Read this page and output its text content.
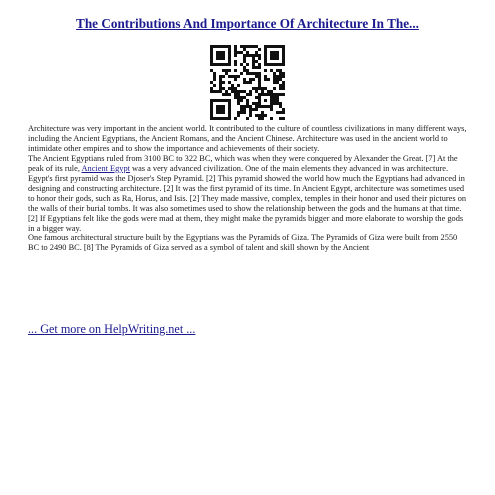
The Contributions And Importance Of Architecture In The...

Architecture was very important in the ancient world. It contributed to the culture of countless civilizations in many different ways, including the Ancient Egyptians, the Ancient Romans, and the Ancient Chinese. Architecture was used in the ancient world to intimidate other empires and to show the importance and achievements of their society.

The Ancient Egyptians ruled from 3100 BC to 322 BC, which was when they were conquered by Alexander the Great. [7] At the peak of its rule, Ancient Egypt was a very advanced civilization. One of the main elements they advanced in was architecture. Egypt's first pyramid was the Djoser's Step Pyramid. [2] This pyramid showed the world how much the Egyptians had advanced in designing and constructing architecture. [2] It was the first pyramid of its time. In Ancient Egypt, architecture was sometimes used to honor their gods, such as Ra, Horus, and Isis. [2] They made massive, complex, temples in their honor and used their pictures on the walls of their burial tombs. It was also sometimes used to show the relationship between the gods and the humans at that time. [2] If Egyptians felt like the gods were mad at them, they might make the pyramids bigger and more elaborate to worship the gods in a bigger way.

One famous architectural structure built by the Egyptians was the Pyramids of Giza. The Pyramids of Giza were built from 2550 BC to 2490 BC. [8] The Pyramids of Giza served as a symbol of talent and skill shown by the Ancient

... Get more on HelpWriting.net ...
